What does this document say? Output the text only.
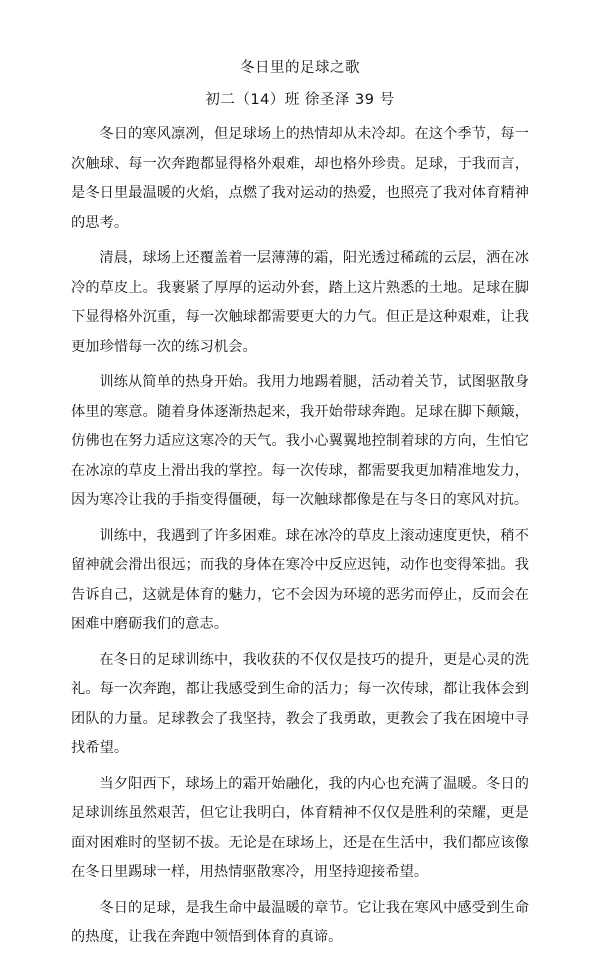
冬日里的足球之歌
初二（14）班 徐圣泽 39 号

冬日的寒风凛冽，但足球场上的热情却从未冷却。在这个季节，每一次触球、每一次奔跑都显得格外艰难，却也格外珍贵。足球，于我而言，是冬日里最温暖的火焰，点燃了我对运动的热爱，也照亮了我对体育精神的思考。

清晨，球场上还覆盖着一层薄薄的霜，阳光透过稀疏的云层，洒在冰冷的草皮上。我裹紧了厚厚的运动外套，踏上这片熟悉的土地。足球在脚下显得格外沉重，每一次触球都需要更大的力气。但正是这种艰难，让我更加珍惜每一次的练习机会。

训练从简单的热身开始。我用力地踢着腿，活动着关节，试图驱散身体里的寒意。随着身体逐渐热起来，我开始带球奔跑。足球在脚下颠簸，仿佛也在努力适应这寒冷的天气。我小心翼翼地控制着球的方向，生怕它在冰凉的草皮上滑出我的掌控。每一次传球，都需要我更加精准地发力，因为寒冷让我的手指变得僵硬，每一次触球都像是在与冬日的寒风对抗。

训练中，我遇到了许多困难。球在冰冷的草皮上滚动速度更快，稍不留神就会滑出很远；而我的身体在寒冷中反应迟钝，动作也变得笨拙。我告诉自己，这就是体育的魅力，它不会因为环境的恶劣而停止，反而会在困难中磨砺我们的意志。

在冬日的足球训练中，我收获的不仅仅是技巧的提升，更是心灵的洗礼。每一次奔跑，都让我感受到生命的活力；每一次传球，都让我体会到团队的力量。足球教会了我坚持，教会了我勇敢，更教会了我在困境中寻找希望。

当夕阳西下，球场上的霜开始融化，我的内心也充满了温暖。冬日的足球训练虽然艰苦，但它让我明白，体育精神不仅仅是胜利的荣耀，更是面对困难时的坚韧不拔。无论是在球场上，还是在生活中，我们都应该像在冬日里踢球一样，用热情驱散寒冷，用坚持迎接希望。

冬日的足球，是我生命中最温暖的章节。它让我在寒风中感受到生命的热度，让我在奔跑中领悟到体育的真谛。
